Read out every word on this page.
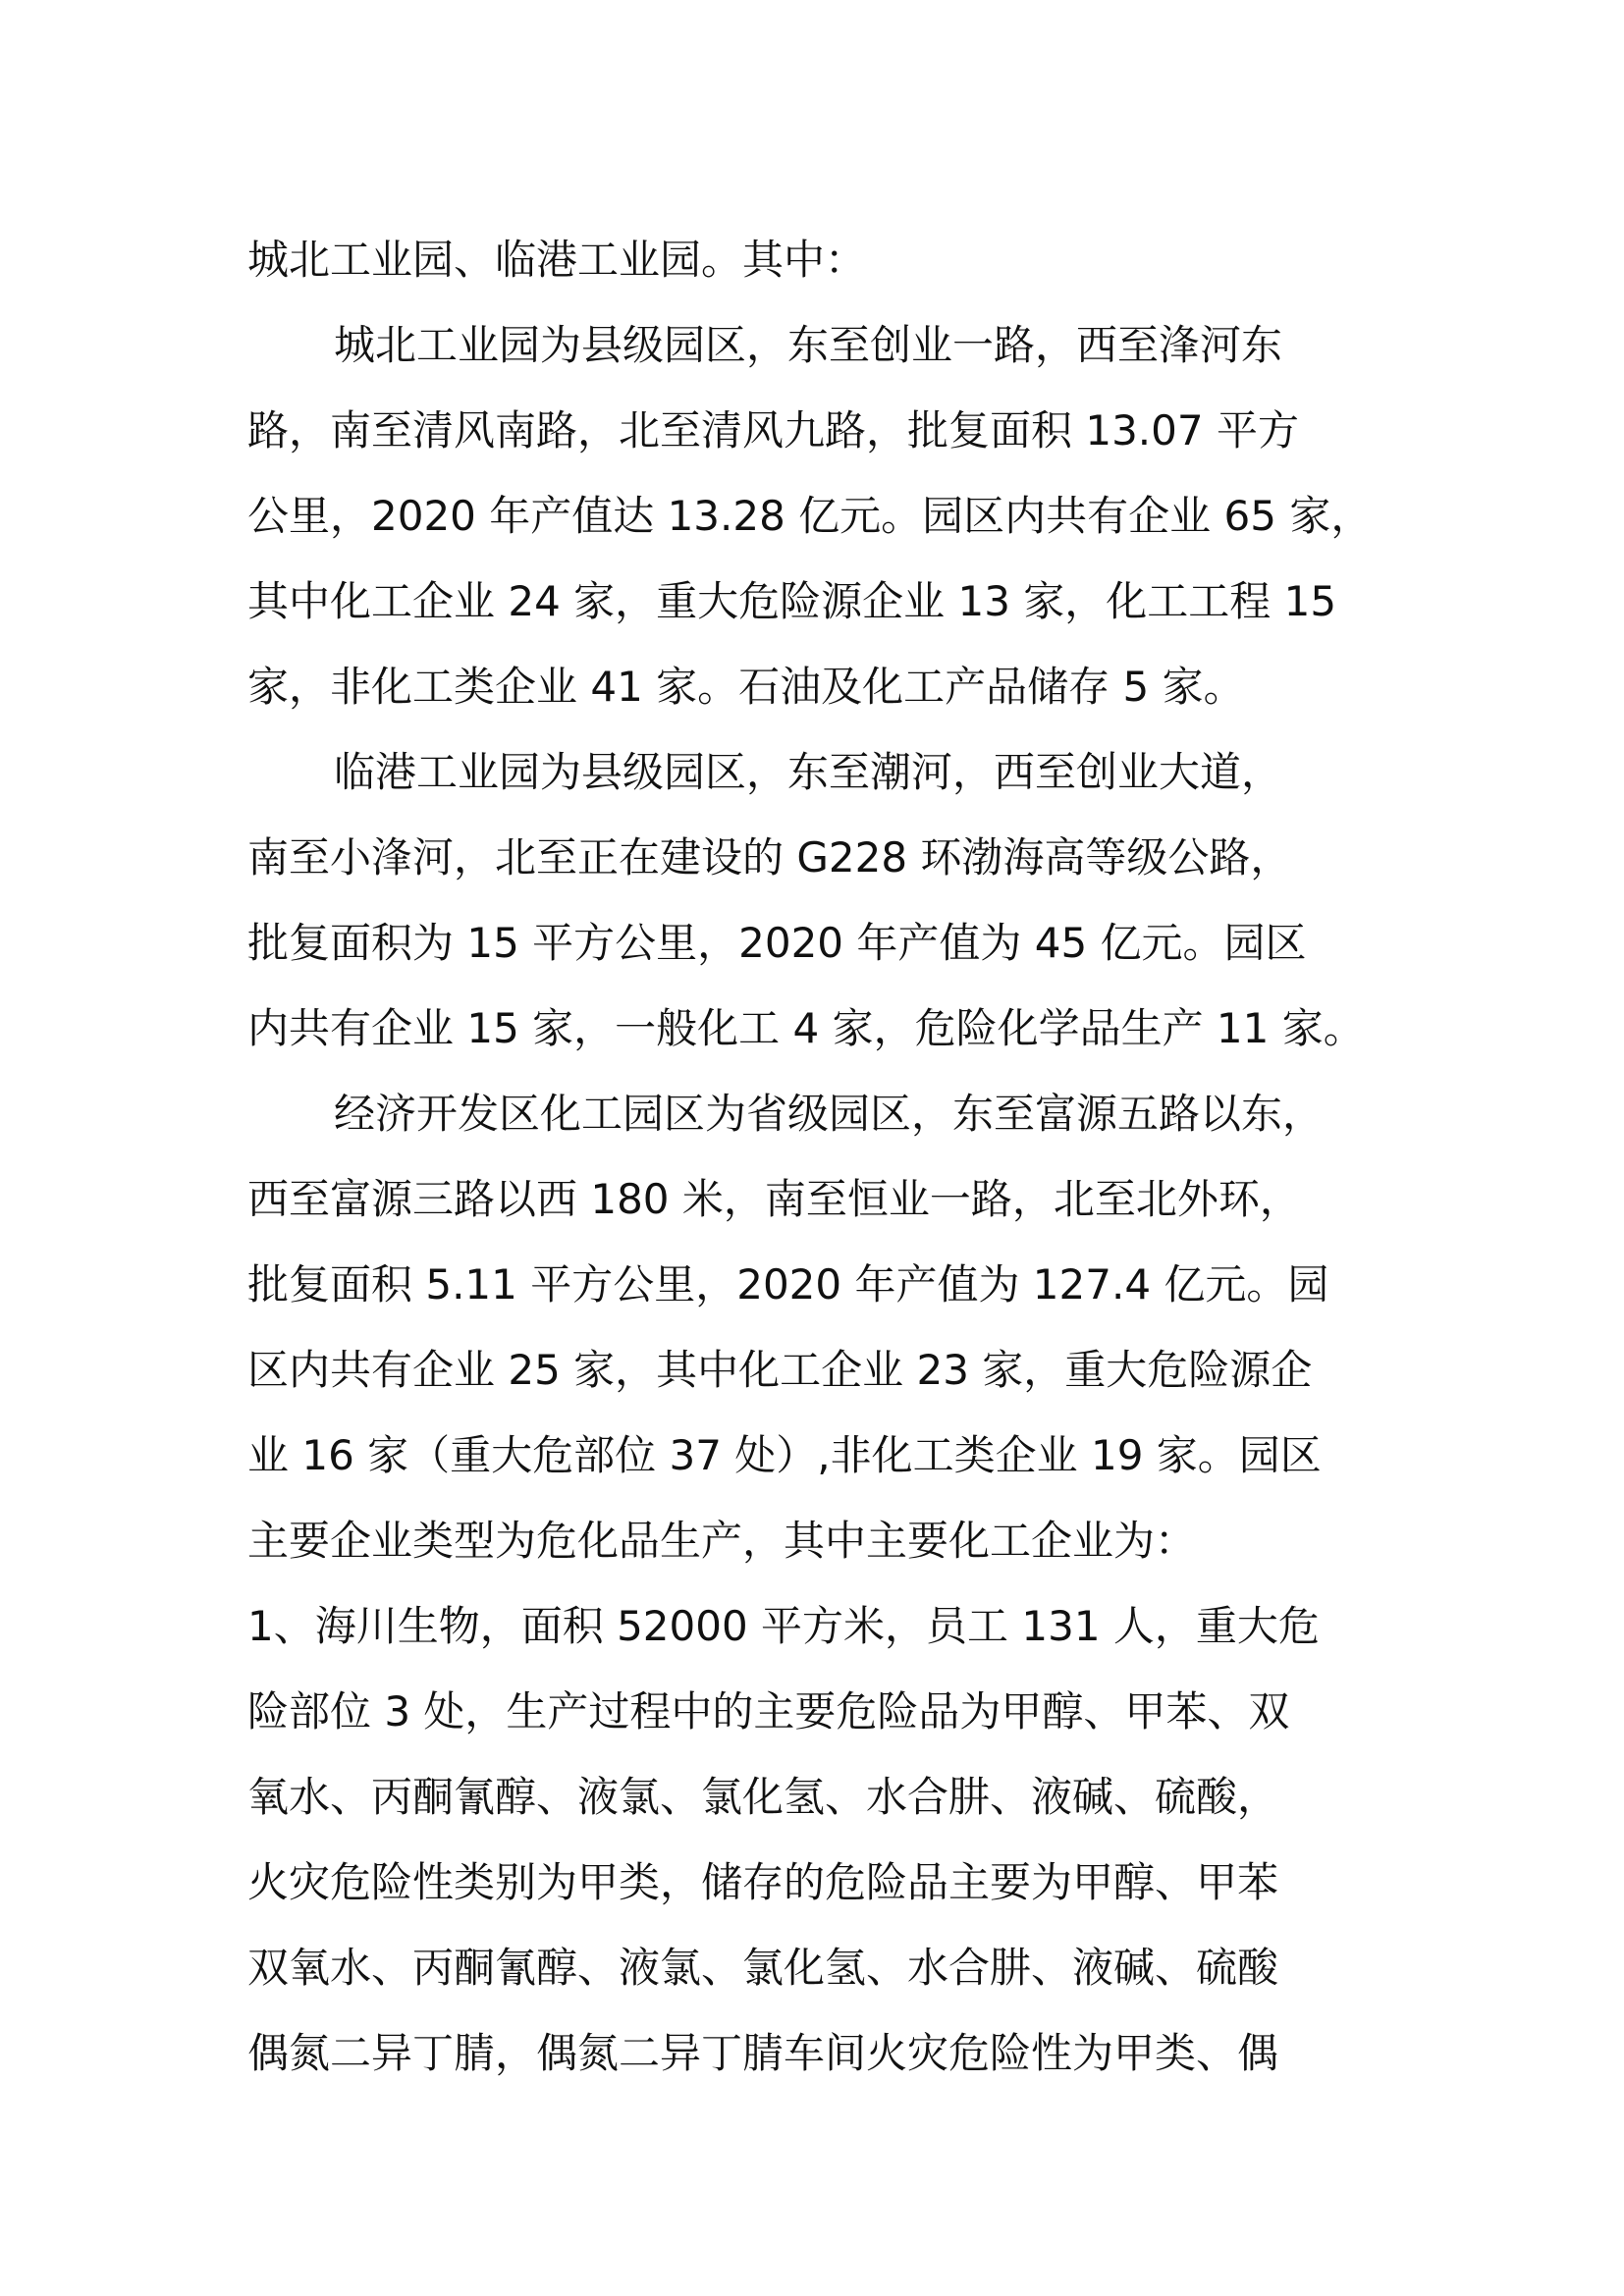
城北工业园、临港工业园。其中：
城北工业园为县级园区，东至创业一路，西至浲河东
路，南至清风南路，北至清风九路，批复面积 13.07 平方
公里，2020 年产值达 13.28 亿元。园区内共有企业 65 家，
其中化工企业 24 家，重大危险源企业 13 家，化工工程 15
家，非化工类企业 41 家。石油及化工产品储存 5 家。
临港工业园为县级园区，东至潮河，西至创业大道，
南至小浲河，北至正在建设的 G228 环渤海高等级公路，
批复面积为 15 平方公里，2020 年产值为 45 亿元。园区
内共有企业 15 家，一般化工 4 家，危险化学品生产 11 家。
经济开发区化工园区为省级园区，东至富源五路以东，
西至富源三路以西 180 米，南至恒业一路，北至北外环，
批复面积 5.11 平方公里，2020 年产值为 127.4 亿元。园
区内共有企业 25 家，其中化工企业 23 家，重大危险源企
业 16 家（重大危部位 37 处）,非化工类企业 19 家。园区
主要企业类型为危化品生产，其中主要化工企业为：
1、海川生物，面积 52000 平方米，员工 131 人，重大危
险部位 3 处，生产过程中的主要危险品为甲醇、甲苯、双
氧水、丙酮氰醇、液氯、氯化氢、水合肼、液碱、硫酸，
火灾危险性类别为甲类，储存的危险品主要为甲醇、甲苯
双氧水、丙酮氰醇、液氯、氯化氢、水合肼、液碱、硫酸
偶氮二异丁腈，偶氮二异丁腈车间火灾危险性为甲类、偶
